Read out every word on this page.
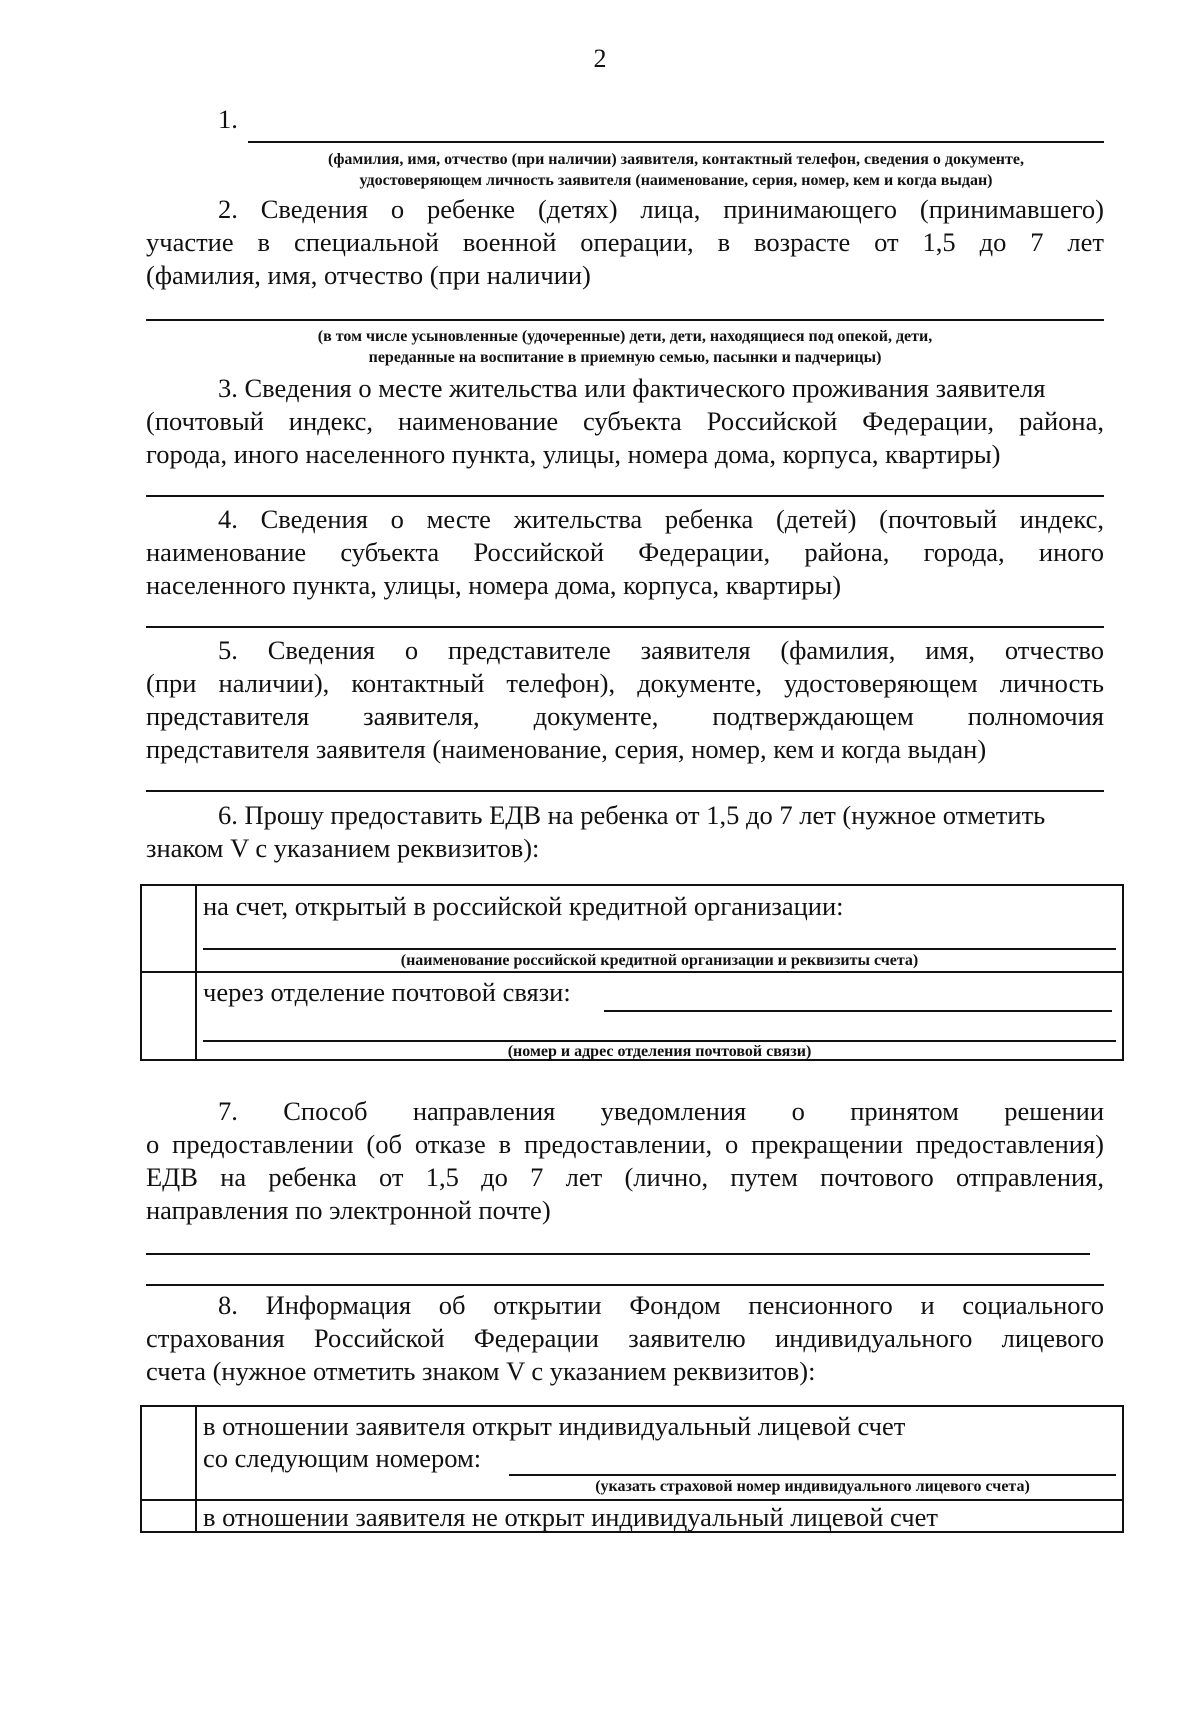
2
1.
(фамилия, имя, отчество (при наличии) заявителя, контактный телефон, сведения о документе,
удостоверяющем личность заявителя (наименование, серия, номер, кем и когда выдан)
2. Сведения о ребенке (детях) лица, принимающего (принимавшего)
участие в специальной военной операции, в возрасте от 1,5 до 7 лет
(фамилия, имя, отчество (при наличии)
(в том числе усыновленные (удочеренные) дети, дети, находящиеся под опекой, дети,
переданные на воспитание в приемную семью, пасынки и падчерицы)
3. Сведения о месте жительства или фактического проживания заявителя
(почтовый индекс, наименование субъекта Российской Федерации, района,
города, иного населенного пункта, улицы, номера дома, корпуса, квартиры)
4. Сведения о месте жительства ребенка (детей) (почтовый индекс,
наименование субъекта Российской Федерации, района, города, иного
населенного пункта, улицы, номера дома, корпуса, квартиры)
5. Сведения о представителе заявителя (фамилия, имя, отчество
(при наличии), контактный телефон), документе, удостоверяющем личность
представителя заявителя, документе, подтверждающем полномочия
представителя заявителя (наименование, серия, номер, кем и когда выдан)
6. Прошу предоставить ЕДВ на ребенка от 1,5 до 7 лет (нужное отметить
знаком V с указанием реквизитов):
на счет, открытый в российской кредитной организации:
(наименование российской кредитной организации и реквизиты счета)
через отделение почтовой связи:
(номер и адрес отделения почтовой связи)
7. Способ направления уведомления о принятом решении
о предоставлении (об отказе в предоставлении, о прекращении предоставления)
ЕДВ на ребенка от 1,5 до 7 лет (лично, путем почтового отправления,
направления по электронной почте)
8. Информация об открытии Фондом пенсионного и социального
страхования Российской Федерации заявителю индивидуального лицевого
счета (нужное отметить знаком V с указанием реквизитов):
в отношении заявителя открыт индивидуальный лицевой счет
со следующим номером:
(указать страховой номер индивидуального лицевого счета)
в отношении заявителя не открыт индивидуальный лицевой счет
